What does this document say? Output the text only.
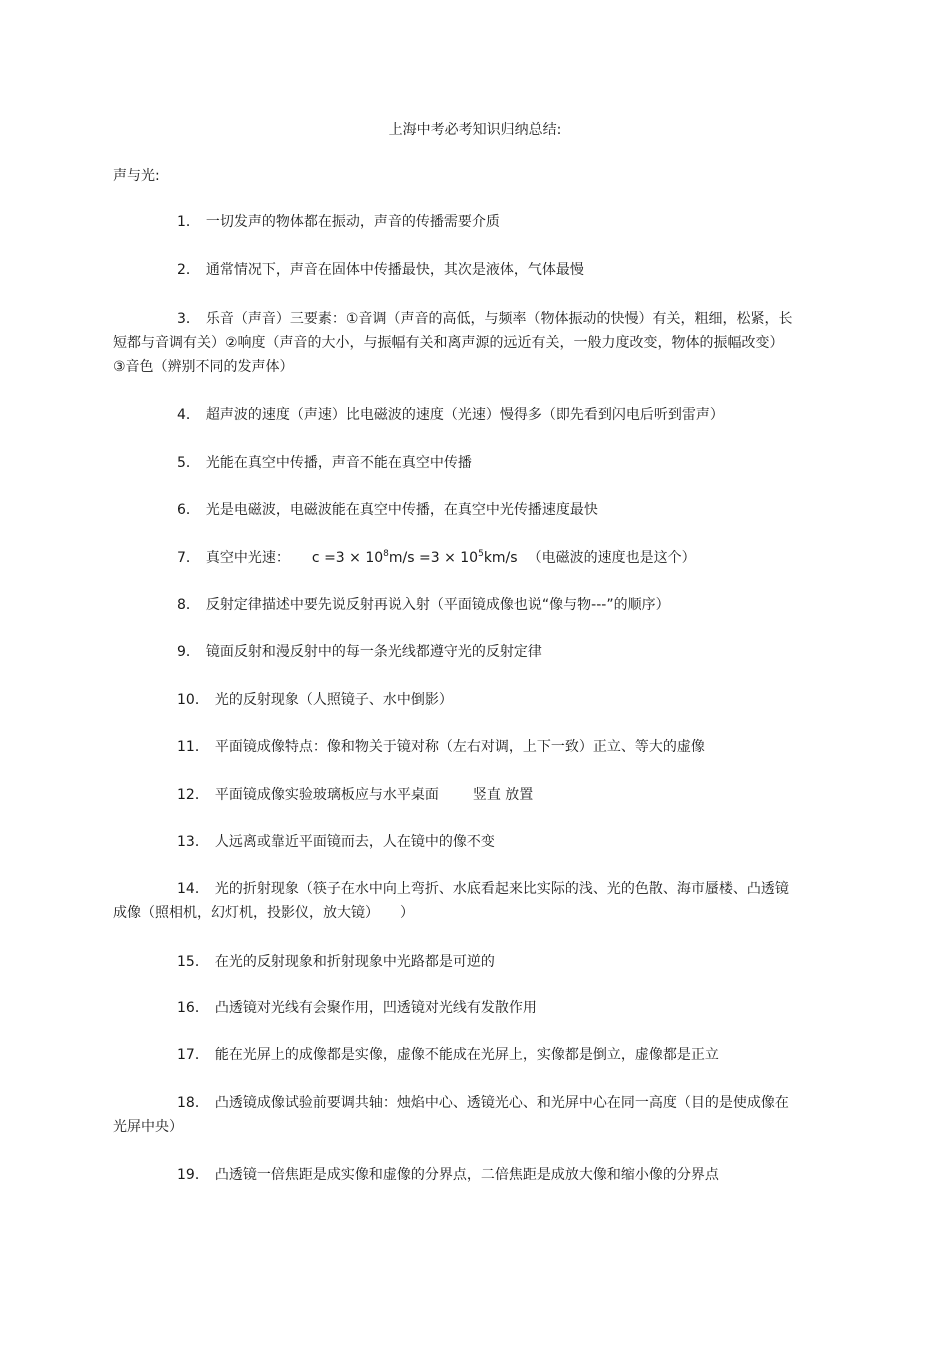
上海中考必考知识归纳总结:
声与光:
1． 一切发声的物体都在振动，声音的传播需要介质
2． 通常情况下，声音在固体中传播最快，其次是液体，气体最慢
3． 乐音（声音）三要素：①音调（声音的高低，与频率（物体振动的快慢）有关，粗细，松紧，长短都与音调有关）②响度（声音的大小，与振幅有关和离声源的远近有关，一般力度改变，物体的振幅改变）③音色（辨别不同的发声体）
4． 超声波的速度（声速）比电磁波的速度（光速）慢得多（即先看到闪电后听到雷声）
5． 光能在真空中传播，声音不能在真空中传播
6． 光是电磁波，电磁波能在真空中传播，在真空中光传播速度最快
7． 真空中光速： $c =3 \times 10^8m/s =3 \times 10^5km/s$ （电磁波的速度也是这个）
8． 反射定律描述中要先说反射再说入射（平面镜成像也说“像与物---”的顺序）
9． 镜面反射和漫反射中的每一条光线都遵守光的反射定律
10． 光的反射现象（人照镜子、水中倒影）
11． 平面镜成像特点：像和物关于镜对称（左右对调，上下一致）正立、等大的虚像
12． 平面镜成像实验玻璃板应与水平桌面 竖直 放置
13． 人远离或靠近平面镜而去，人在镜中的像不变
14． 光的折射现象（筷子在水中向上弯折、水底看起来比实际的浅、光的色散、海市蜃楼、凸透镜成像（照相机，幻灯机，投影仪，放大镜）　　）
15． 在光的反射现象和折射现象中光路都是可逆的
16． 凸透镜对光线有会聚作用，凹透镜对光线有发散作用
17． 能在光屏上的成像都是实像，虚像不能成在光屏上，实像都是倒立，虚像都是正立
18． 凸透镜成像试验前要调共轴：烛焰中心、透镜光心、和光屏中心在同一高度（目的是使成像在光屏中央）
19． 凸透镜一倍焦距是成实像和虚像的分界点，二倍焦距是成放大像和缩小像的分界点
